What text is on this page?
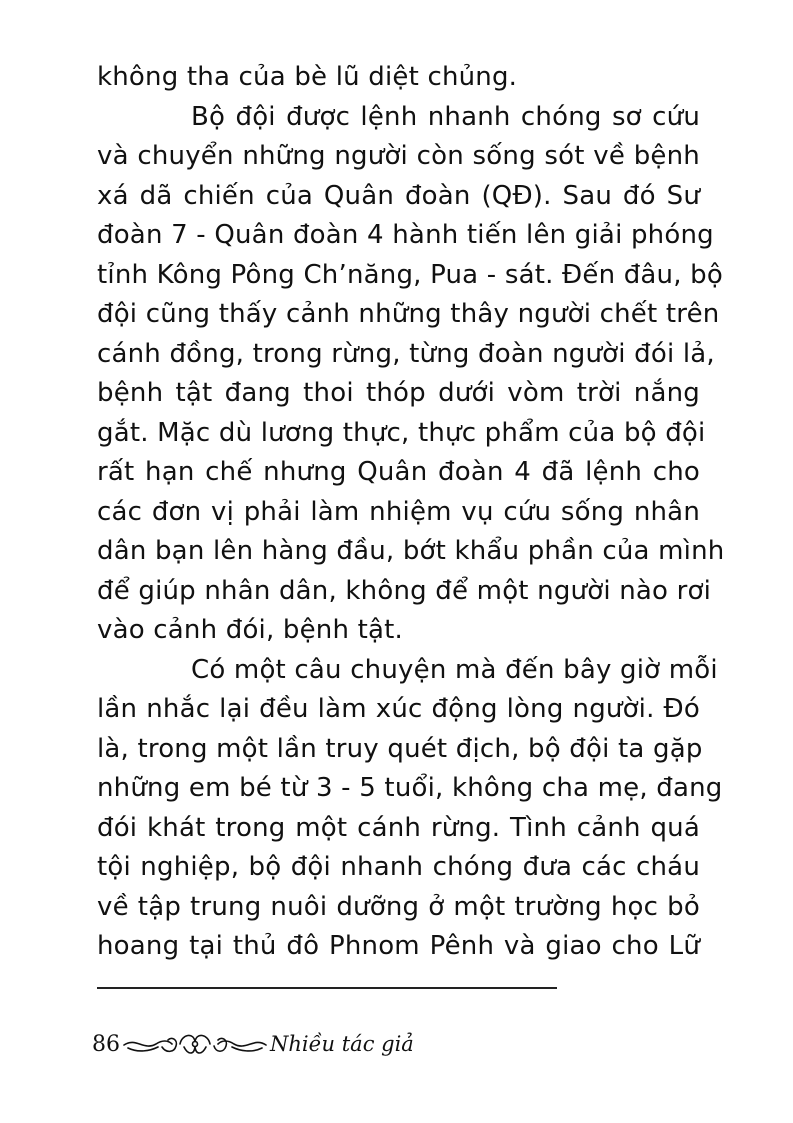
không tha của bè lũ diệt chủng.
Bộ đội được lệnh nhanh chóng sơ cứu
và chuyển những người còn sống sót về bệnh
xá dã chiến của Quân đoàn (QĐ). Sau đó Sư
đoàn 7 - Quân đoàn 4 hành tiến lên giải phóng
tỉnh Kông Pông Ch’năng, Pua - sát. Đến đâu, bộ
đội cũng thấy cảnh những thây người chết trên
cánh đồng, trong rừng, từng đoàn người đói lả,
bệnh tật đang thoi thóp dưới vòm trời nắng
gắt. Mặc dù lương thực, thực phẩm của bộ đội
rất hạn chế nhưng Quân đoàn 4 đã lệnh cho
các đơn vị phải làm nhiệm vụ cứu sống nhân
dân bạn lên hàng đầu, bớt khẩu phần của mình
để giúp nhân dân, không để một người nào rơi
vào cảnh đói, bệnh tật.
Có một câu chuyện mà đến bây giờ mỗi
lần nhắc lại đều làm xúc động lòng người. Đó
là, trong một lần truy quét địch, bộ đội ta gặp
những em bé từ 3 - 5 tuổi, không cha mẹ, đang
đói khát trong một cánh rừng. Tình cảnh quá
tội nghiệp, bộ đội nhanh chóng đưa các cháu
về tập trung nuôi dưỡng ở một trường học bỏ
hoang tại thủ đô Phnom Pênh và giao cho Lữ
86	Nhiều tác giả
